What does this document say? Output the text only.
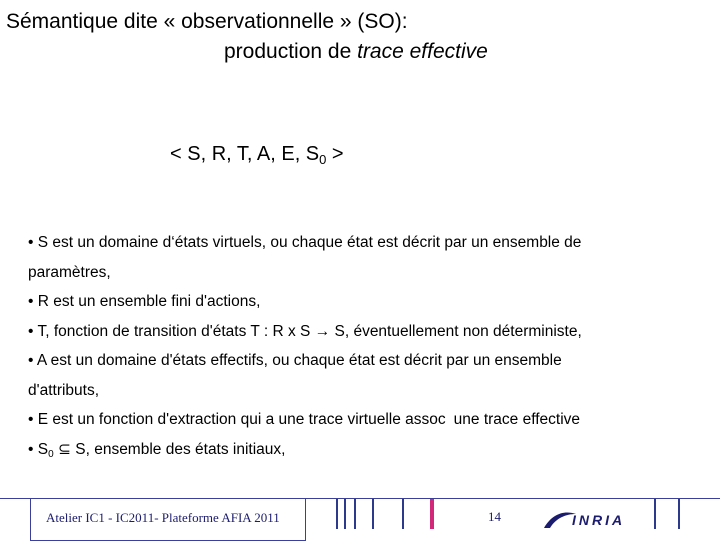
Sémantique dite « observationnelle » (SO):
production de trace effective
< S, R, T, A, E, $S_0$ >
• S est un domaine d‘états virtuels, ou chaque état est décrit par un ensemble de
paramètres,
• R est un ensemble fini d'actions,
• T, fonction de transition d'états T : R x S → S, éventuellement non déterministe,
• A est un domaine d'états effectifs, ou chaque état est décrit par un ensemble
d'attributs,
• E est un fonction d'extraction qui a une trace virtuelle assoc une trace effective
• $S_0$ ⊆ S, ensemble des états initiaux,
Atelier IC1 - IC2011- Plateforme AFIA 2011	14	INRIA
